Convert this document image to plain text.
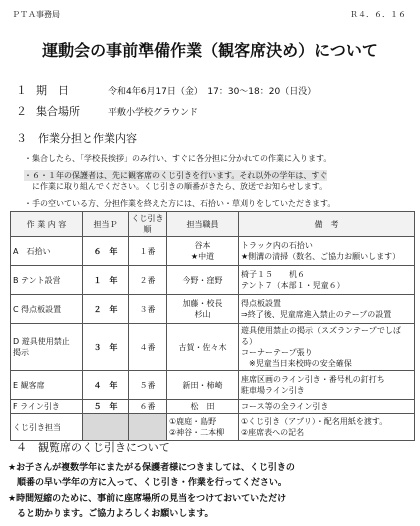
ＰＴＡ事務局	Ｒ４．６．１６
運動会の事前準備作業（観客席決め）について
１ 期　日	令和4年6月17日（金）　17：30～18：20（日没）
２ 集合場所	平敷小学校グラウンド
３　作業分担と作業内容
・集合したら、「学校長挨拶」のみ行い、すぐに各分担に分かれての作業に入ります。
・６・１年の保護者は、先に観客席のくじ引きを行います。それ以外の学年は、すぐ
　に作業に取り組んでください。くじ引きの順番がきたら、放送でお知らせします。
・手の空いている方、分担作業を終えた方には、石拾い・草刈りをしていただきます。
作 業 内 容	担当Ｐ	くじ引き順	担当職員	備　考
A　石拾い	６　年	１番	谷本
★中道	トラック内の石拾い
★側溝の清掃（数名、ご協力お願いします）
B テント設営	１　年	２番	今野・窪野	椅子１５　　机６
テント７（本部１・児童６）
C 得点板設置	２　年	３番	加藤・校長
杉山	得点板設置
⇒終了後、児童席進入禁止のテープの設置
D 遊具使用禁止
掲示	３　年	４番	古賀・佐々木	遊具使用禁止の掲示（スズランテープでしばる）
コーナーテープ張り
　※児童当日来校時の安全確保
E 観客席	４　年	５番	新田・柿崎	座席区画のライン引き・番号札の釘打ち
駐車場ライン引き
F ライン引き	５　年	６番	松　田	コース等の全ライン引き
くじ引き担当			①鹿庭・島野
②神谷・二本柳	①くじ引き（アプリ）・配名用紙を渡す。
②座席表への記名
４　観覧席のくじ引きについて
★お子さんが複数学年にまたがる保護者様につきましては、くじ引きの
　順番の早い学年の方に入って、くじ引き・作業を行ってください。
★時間短縮のために、事前に座席場所の見当をつけておいていただけ
　ると助かります。ご協力よろしくお願いします。
